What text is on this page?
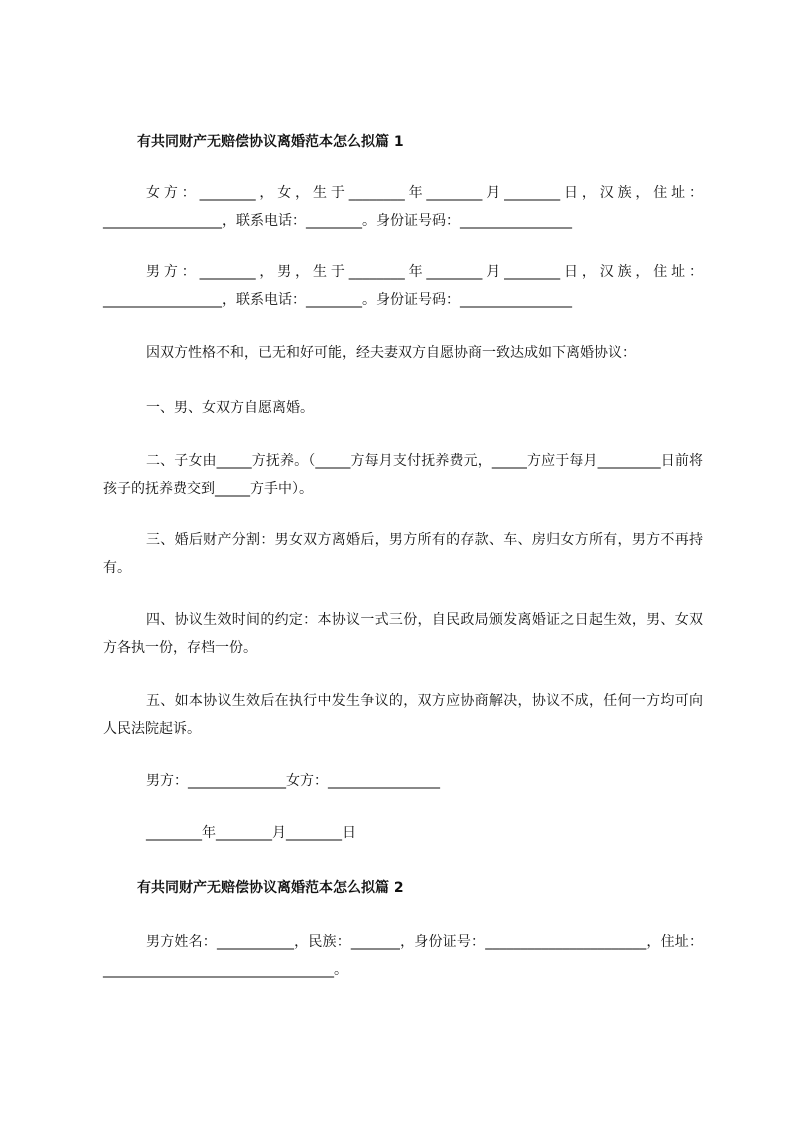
有共同财产无赔偿协议离婚范本怎么拟篇 1

女方：________，女，生于________年________月________日，汉族，住址：_________________，联系电话：________。身份证号码：________________

男方：________，男，生于________年________月________日，汉族，住址：_________________，联系电话：________。身份证号码：________________

因双方性格不和，已无和好可能，经夫妻双方自愿协商一致达成如下离婚协议：

一、男、女双方自愿离婚。

二、子女由_____方抚养。（_____方每月支付抚养费元，_____方应于每月_________日前将孩子的抚养费交到_____方手中）。

三、婚后财产分割：男女双方离婚后，男方所有的存款、车、房归女方所有，男方不再持有。

四、协议生效时间的约定：本协议一式三份，自民政局颁发离婚证之日起生效，男、女双方各执一份，存档一份。

五、如本协议生效后在执行中发生争议的，双方应协商解决，协议不成，任何一方均可向人民法院起诉。

男方：______________女方：________________
________年________月________日
有共同财产无赔偿协议离婚范本怎么拟篇 2

男方姓名：___________，民族：_______，身份证号：_______________________，住址：_________________________________。
